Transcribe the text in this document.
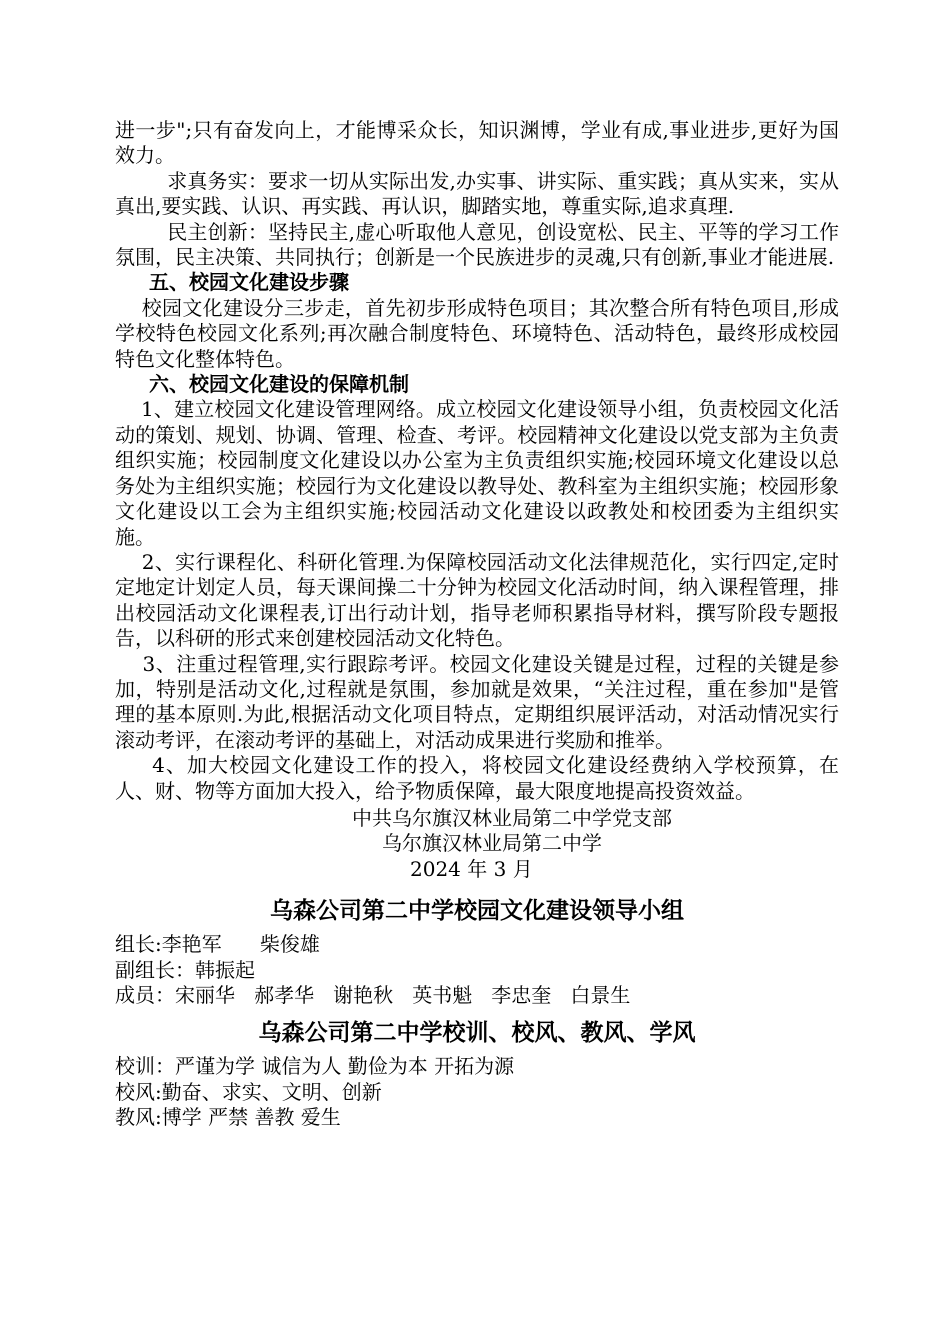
进一步";只有奋发向上，才能博采众长，知识渊博，学业有成,事业进步,更好为国效力。

求真务实：要求一切从实际出发,办实事、讲实际、重实践；真从实来，实从真出,要实践、认识、再实践、再认识，脚踏实地，尊重实际,追求真理.

民主创新：坚持民主,虚心听取他人意见，创设宽松、民主、平等的学习工作氛围，民主决策、共同执行；创新是一个民族进步的灵魂,只有创新,事业才能进展.

五、校园文化建设步骤

校园文化建设分三步走，首先初步形成特色项目；其次整合所有特色项目,形成学校特色校园文化系列;再次融合制度特色、环境特色、活动特色，最终形成校园特色文化整体特色。

六、校园文化建设的保障机制

1、建立校园文化建设管理网络。成立校园文化建设领导小组，负责校园文化活动的策划、规划、协调、管理、检查、考评。校园精神文化建设以党支部为主负责组织实施；校园制度文化建设以办公室为主负责组织实施;校园环境文化建设以总务处为主组织实施；校园行为文化建设以教导处、教科室为主组织实施；校园形象文化建设以工会为主组织实施;校园活动文化建设以政教处和校团委为主组织实施。

2、实行课程化、科研化管理.为保障校园活动文化法律规范化，实行四定,定时定地定计划定人员，每天课间操二十分钟为校园文化活动时间，纳入课程管理，排出校园活动文化课程表,订出行动计划，指导老师积累指导材料，撰写阶段专题报告，以科研的形式来创建校园活动文化特色。

3、注重过程管理,实行跟踪考评。校园文化建设关键是过程，过程的关键是参加，特别是活动文化,过程就是氛围，参加就是效果，“关注过程，重在参加"是管理的基本原则.为此,根据活动文化项目特点，定期组织展评活动，对活动情况实行滚动考评，在滚动考评的基础上，对活动成果进行奖励和推举。

4、加大校园文化建设工作的投入，将校园文化建设经费纳入学校预算，在人、财、物等方面加大投入，给予物质保障，最大限度地提高投资效益。

中共乌尔旗汉林业局第二中学党支部

乌尔旗汉林业局第二中学

2024 年 3 月

乌森公司第二中学校园文化建设领导小组

组长:李艳军      柴俊雄

副组长：韩振起

成员：宋丽华   郝孝华   谢艳秋   英书魁   李忠奎   白景生

乌森公司第二中学校训、校风、教风、学风

校训：严谨为学 诚信为人 勤俭为本 开拓为源

校风:勤奋、求实、文明、创新

教风:博学 严禁 善教 爱生
